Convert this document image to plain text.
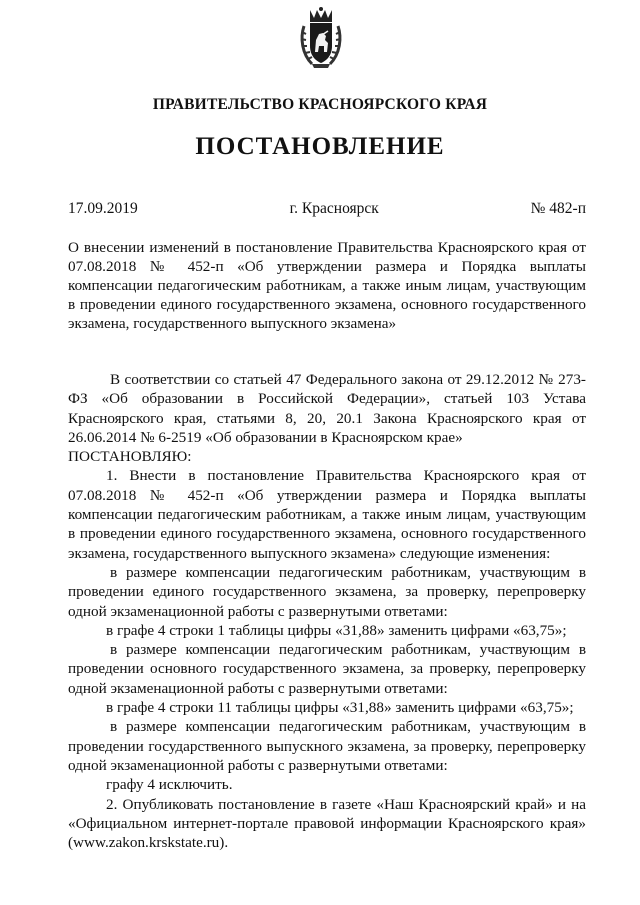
ПРАВИТЕЛЬСТВО КРАСНОЯРСКОГО КРАЯ
ПОСТАНОВЛЕНИЕ
17.09.2019	г. Красноярск	№ 482-п

О внесении изменений в постановление Правительства Красноярского края от 07.08.2018 № 452-п «Об утверждении размера и Порядка выплаты компенсации педагогическим работникам, а также иным лицам, участвующим в проведении единого государственного экзамена, основного государственного экзамена, государственного выпускного экзамена»

В соответствии со статьей 47 Федерального закона от 29.12.2012 № 273-ФЗ «Об образовании в Российской Федерации», статьей 103 Устава Красноярского края, статьями 8, 20, 20.1 Закона Красноярского края от 26.06.2014 № 6-2519 «Об образовании в Красноярском крае»

ПОСТАНОВЛЯЮ:

1. Внести в постановление Правительства Красноярского края от 07.08.2018 № 452-п «Об утверждении размера и Порядка выплаты компенсации педагогическим работникам, а также иным лицам, участвующим в проведении единого государственного экзамена, основного государственного экзамена, государственного выпускного экзамена» следующие изменения:

в размере компенсации педагогическим работникам, участвующим в проведении единого государственного экзамена, за проверку, перепроверку одной экзаменационной работы с развернутыми ответами:

в графе 4 строки 1 таблицы цифры «31,88» заменить цифрами «63,75»;

в размере компенсации педагогическим работникам, участвующим в проведении основного государственного экзамена, за проверку, перепроверку одной экзаменационной работы с развернутыми ответами:

в графе 4 строки 11 таблицы цифры «31,88» заменить цифрами «63,75»;

в размере компенсации педагогическим работникам, участвующим в проведении государственного выпускного экзамена, за проверку, перепроверку одной экзаменационной работы с развернутыми ответами:

графу 4 исключить.

2. Опубликовать постановление в газете «Наш Красноярский край» и на «Официальном интернет-портале правовой информации Красноярского края» (www.zakon.krskstate.ru).
